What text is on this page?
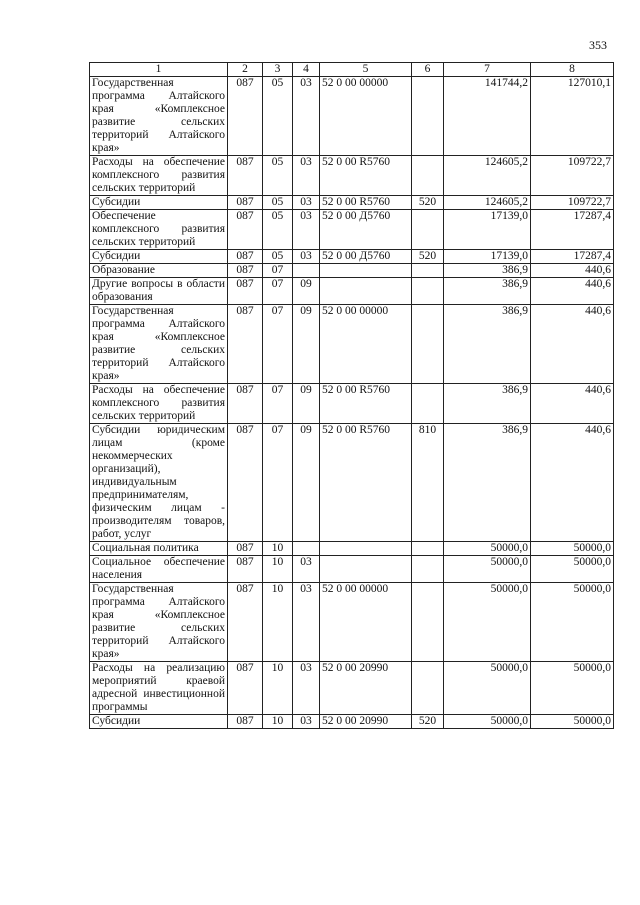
353
1	2	3	4	5	6	7	8
Государственная программа Алтайского края «Комплексное развитие сельских территорий Алтайского края»	087	05	03	52 0 00 00000		141744,2	127010,1
Расходы на обеспечение комплексного развития сельских территорий	087	05	03	52 0 00 R5760		124605,2	109722,7
Субсидии	087	05	03	52 0 00 R5760	520	124605,2	109722,7
Обеспечение комплексного развития сельских территорий	087	05	03	52 0 00 Д5760		17139,0	17287,4
Субсидии	087	05	03	52 0 00 Д5760	520	17139,0	17287,4
Образование	087	07				386,9	440,6
Другие вопросы в области образования	087	07	09			386,9	440,6
Государственная программа Алтайского края «Комплексное развитие сельских территорий Алтайского края»	087	07	09	52 0 00 00000		386,9	440,6
Расходы на обеспечение комплексного развития сельских территорий	087	07	09	52 0 00 R5760		386,9	440,6
Субсидии юридическим лицам (кроме некоммерческих организаций), индивидуальным предпринимателям, физическим лицам - производителям товаров, работ, услуг	087	07	09	52 0 00 R5760	810	386,9	440,6
Социальная политика	087	10				50000,0	50000,0
Социальное обеспечение населения	087	10	03			50000,0	50000,0
Государственная программа Алтайского края «Комплексное развитие сельских территорий Алтайского края»	087	10	03	52 0 00 00000		50000,0	50000,0
Расходы на реализацию мероприятий краевой адресной инвестиционной программы	087	10	03	52 0 00 20990		50000,0	50000,0
Субсидии	087	10	03	52 0 00 20990	520	50000,0	50000,0
